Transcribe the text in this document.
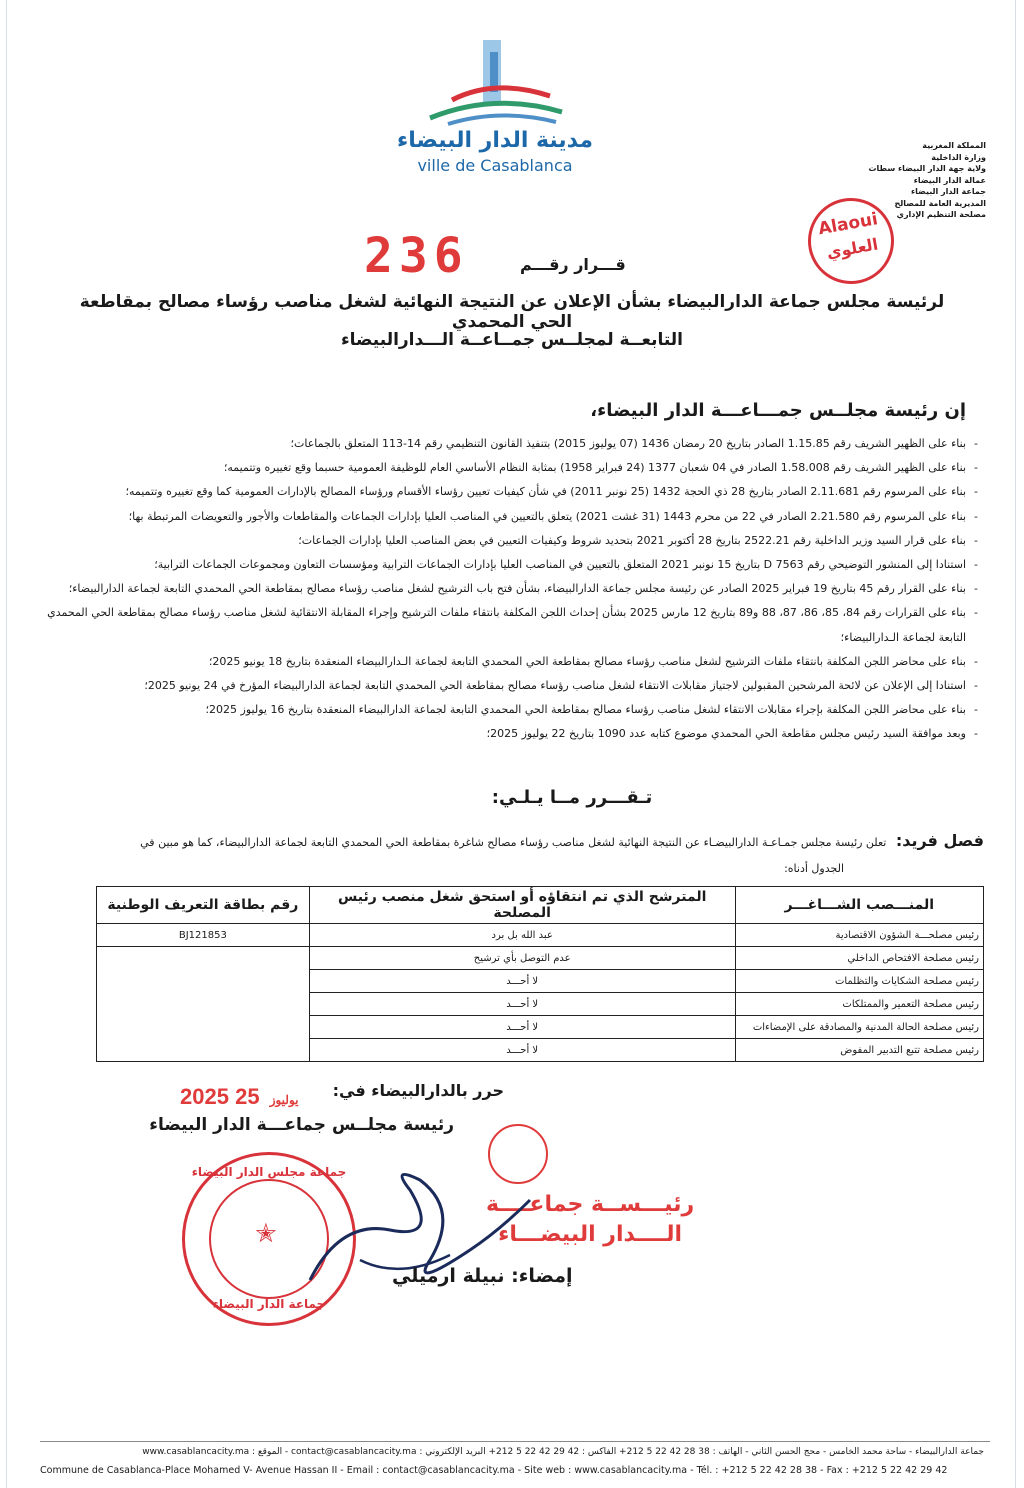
مدينة الدار البيضاء
ville de Casablanca
المملكة المغربية
وزارة الداخلية
ولاية جهة الدار البيضاء سطات
عمالة الدار البيضاء
جماعة الدار البيضاء
المديرية العامة للمصالح
مصلحة التنظيم الإداري
Alaoui
العلوي
236	قـــرار رقـــم
لرئيسة مجلس جماعة الدارالبيضاء بشأن الإعلان عن النتيجة النهائية لشغل مناصب رؤساء مصالح بمقاطعة الحي المحمدي
التابعــة لمجلــس جمــاعــة الـــدارالبيضاء
إن رئيسة مجلــس جمـــاعـــة الدار البيضاء،
- بناء على الظهير الشريف رقم 1.15.85 الصادر بتاريخ 20 رمضان 1436 (07 يوليوز 2015) بتنفيذ القانون التنظيمي رقم 14-113 المتعلق بالجماعات؛
- بناء على الظهير الشريف رقم 1.58.008 الصادر في 04 شعبان 1377 (24 فبراير 1958) بمثابة النظام الأساسي العام للوظيفة العمومية حسبما وقع تغييره وتتميمه؛
- بناء على المرسوم رقم 2.11.681 الصادر بتاريخ 28 ذي الحجة 1432 (25 نونبر 2011) في شأن كيفيات تعيين رؤساء الأقسام ورؤساء المصالح بالإدارات العمومية كما وقع تغييره وتتميمه؛
- بناء على المرسوم رقم 2.21.580 الصادر في 22 من محرم 1443 (31 غشت 2021) يتعلق بالتعيين في المناصب العليا بإدارات الجماعات والمقاطعات والأجور والتعويضات المرتبطة بها؛
- بناء على قرار السيد وزير الداخلية رقم 2522.21 بتاريخ 28 أكتوبر 2021 بتحديد شروط وكيفيات التعيين في بعض المناصب العليا بإدارات الجماعات؛
- استنادا إلى المنشور التوضيحي رقم D 7563 بتاريخ 15 نونبر 2021 المتعلق بالتعيين في المناصب العليا بإدارات الجماعات الترابية ومؤسسات التعاون ومجموعات الجماعات الترابية؛
- بناء على القرار رقم 45 بتاريخ 19 فبراير 2025 الصادر عن رئيسة مجلس جماعة الدارالبيضاء، بشأن فتح باب الترشيح لشغل مناصب رؤساء مصالح بمقاطعة الحي المحمدي التابعة لجماعة الدارالبيضاء؛
- بناء على القرارات رقم 84، 85، 86، 87، 88 و89 بتاريخ 12 مارس 2025 بشأن إحداث اللجن المكلفة بانتقاء ملفات الترشيح وإجراء المقابلة الانتقائية لشغل مناصب رؤساء مصالح بمقاطعة الحي المحمدي التابعة لجماعة الـدارالبيضاء؛
- بناء على محاضر اللجن المكلفة بانتقاء ملفات الترشيح لشغل مناصب رؤساء مصالح بمقاطعة الحي المحمدي التابعة لجماعة الـدارالبيضاء المنعقدة بتاريخ 18 يونيو 2025؛
- استنادا إلى الإعلان عن لائحة المرشحين المقبولين لاجتياز مقابلات الانتقاء لشغل مناصب رؤساء مصالح بمقاطعة الحي المحمدي التابعة لجماعة الدارالبيضاء المؤرخ في 24 يونيو 2025؛
- بناء على محاضر اللجن المكلفة بإجراء مقابلات الانتقاء لشغل مناصب رؤساء مصالح بمقاطعة الحي المحمدي التابعة لجماعة الدارالبيضاء المنعقدة بتاريخ 16 يوليوز 2025؛
- وبعد موافقة السيد رئيس مجلس مقاطعة الحي المحمدي موضوع كتابه عدد 1090 بتاريخ 22 يوليوز 2025؛
تـقـــرر مــا يـلـي:
فصل فريد: تعلن رئيسة مجلس جمـاعـة الدارالبيضـاء عن النتيجة النهائية لشغل مناصب رؤساء مصالح شاغرة بمقاطعة الحي المحمدي التابعة لجماعة الدارالبيضاء، كما هو مبين في
الجدول أدناه:
المنـــصب الشـــاغـــر	المترشح الذي تم انتقاؤه أو استحق شغل منصب رئيس المصلحة	رقم بطاقة التعريف الوطنية
رئيس مصلحـــة الشؤون الاقتصادية	عبد الله بل برد	BJ121853
رئيس مصلحة الافتحاص الداخلي	عدم التوصل بأي ترشيح	
رئيس مصلحة الشكايات والتظلمات	لا أحـــد	
رئيس مصلحة التعمير والممتلكات	لا أحـــد	
رئيس مصلحة الحالة المدنية والمصادقة على الإمضاءات	لا أحـــد	
رئيس مصلحة تتبع التدبير المفوض	لا أحـــد	
حرر بالدارالبيضاء في:
2025	يوليوز 25
رئيسة مجلــس جماعـــة الدار البيضاء
جماعة مجلس الدار البيضاء
✭
جماعة الدار البيضاء
رئيـــســة جماعــــة
الــــدار البيضـــاء
إمضاء: نبيلة ارميلي
جماعة الدارالبيضاء - ساحة محمد الخامس - محج الحسن الثاني - الهاتف : 38 28 42 22 5 212+ الفاكس : 42 29 42 22 5 212+ البريد الإلكتروني : contact@casablancacity.ma - الموقع : www.casablancacity.ma
Commune de Casablanca-Place Mohamed V- Avenue Hassan II - Email : contact@casablancacity.ma - Site web : www.casablancacity.ma - Tél. : +212 5 22 42 28 38 - Fax : +212 5 22 42 29 42
